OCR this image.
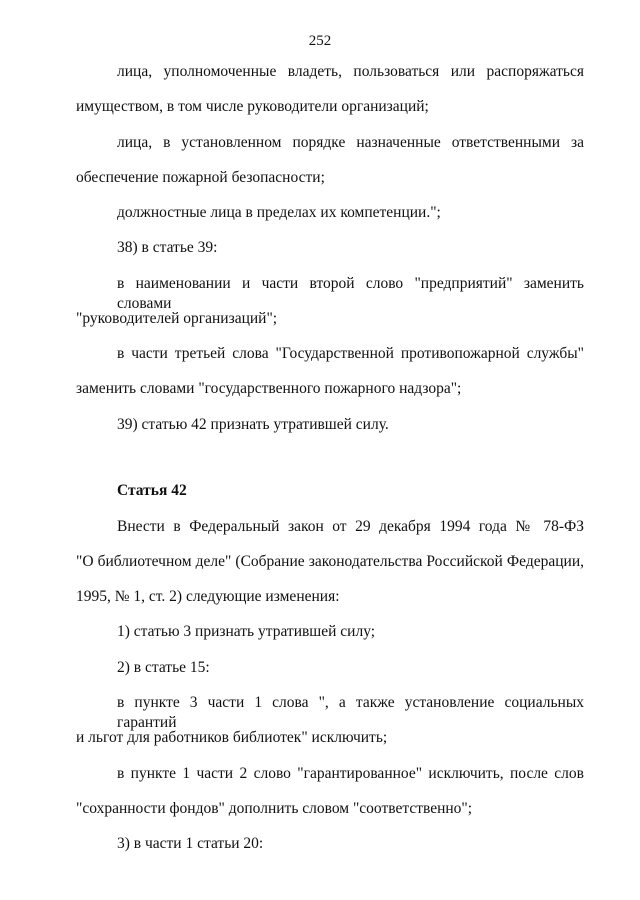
252
лица, уполномоченные владеть, пользоваться или распоряжаться
имуществом, в том числе руководители организаций;
лица, в установленном порядке назначенные ответственными за
обеспечение пожарной безопасности;
должностные лица в пределах их компетенции.";
38) в статье 39:
в наименовании и части второй слово "предприятий" заменить словами
"руководителей организаций";
в части третьей слова "Государственной противопожарной службы"
заменить словами "государственного пожарного надзора";
39) статью 42 признать утратившей силу.
Статья 42
Внести в Федеральный закон от 29 декабря 1994 года № 78-ФЗ
"О библиотечном деле" (Собрание законодательства Российской Федерации,
1995, № 1, ст. 2) следующие изменения:
1) статью 3 признать утратившей силу;
2) в статье 15:
в пункте 3 части 1 слова ", а также установление социальных гарантий
и льгот для работников библиотек" исключить;
в пункте 1 части 2 слово "гарантированное" исключить, после слов
"сохранности фондов" дополнить словом "соответственно";
3) в части 1 статьи 20:
